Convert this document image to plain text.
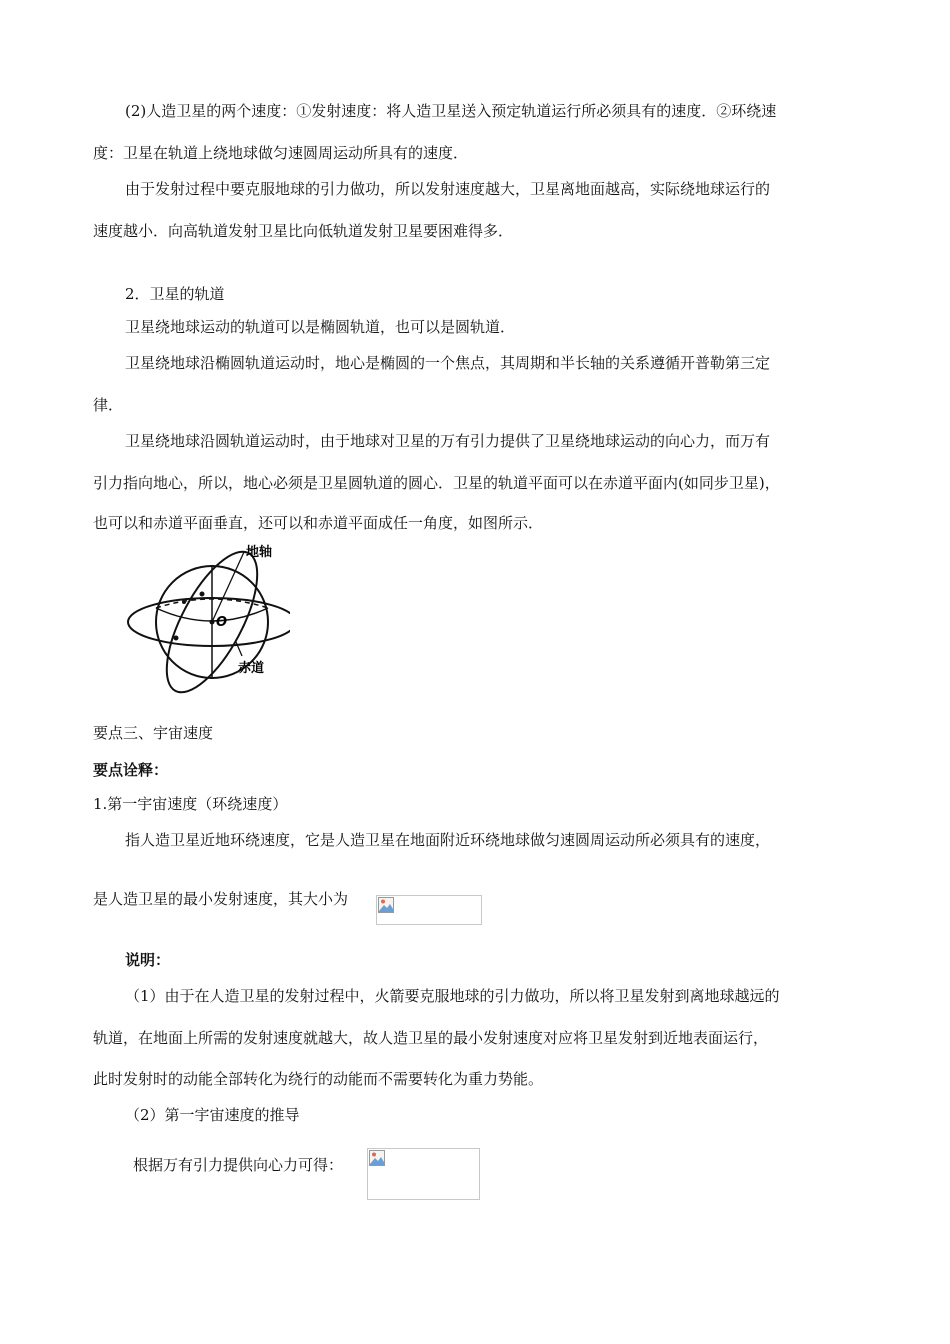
(2)人造卫星的两个速度：①发射速度：将人造卫星送入预定轨道运行所必须具有的速度．②环绕速
度：卫星在轨道上绕地球做匀速圆周运动所具有的速度．
由于发射过程中要克服地球的引力做功，所以发射速度越大，卫星离地面越高，实际绕地球运行的
速度越小．向高轨道发射卫星比向低轨道发射卫星要困难得多．
2．卫星的轨道
卫星绕地球运动的轨道可以是椭圆轨道，也可以是圆轨道．
卫星绕地球沿椭圆轨道运动时，地心是椭圆的一个焦点，其周期和半长轴的关系遵循开普勒第三定
律．
卫星绕地球沿圆轨道运动时，由于地球对卫星的万有引力提供了卫星绕地球运动的向心力，而万有
引力指向地心，所以，地心必须是卫星圆轨道的圆心．卫星的轨道平面可以在赤道平面内(如同步卫星)，
也可以和赤道平面垂直，还可以和赤道平面成任一角度，如图所示．
地轴
O
赤道
要点三、宇宙速度
要点诠释：
1.第一宇宙速度（环绕速度）
指人造卫星近地环绕速度，它是人造卫星在地面附近环绕地球做匀速圆周运动所必须具有的速度，
是人造卫星的最小发射速度，其大小为
说明：
（1）由于在人造卫星的发射过程中，火箭要克服地球的引力做功，所以将卫星发射到离地球越远的
轨道，在地面上所需的发射速度就越大，故人造卫星的最小发射速度对应将卫星发射到近地表面运行，
此时发射时的动能全部转化为绕行的动能而不需要转化为重力势能。
（2）第一宇宙速度的推导
根据万有引力提供向心力可得：
